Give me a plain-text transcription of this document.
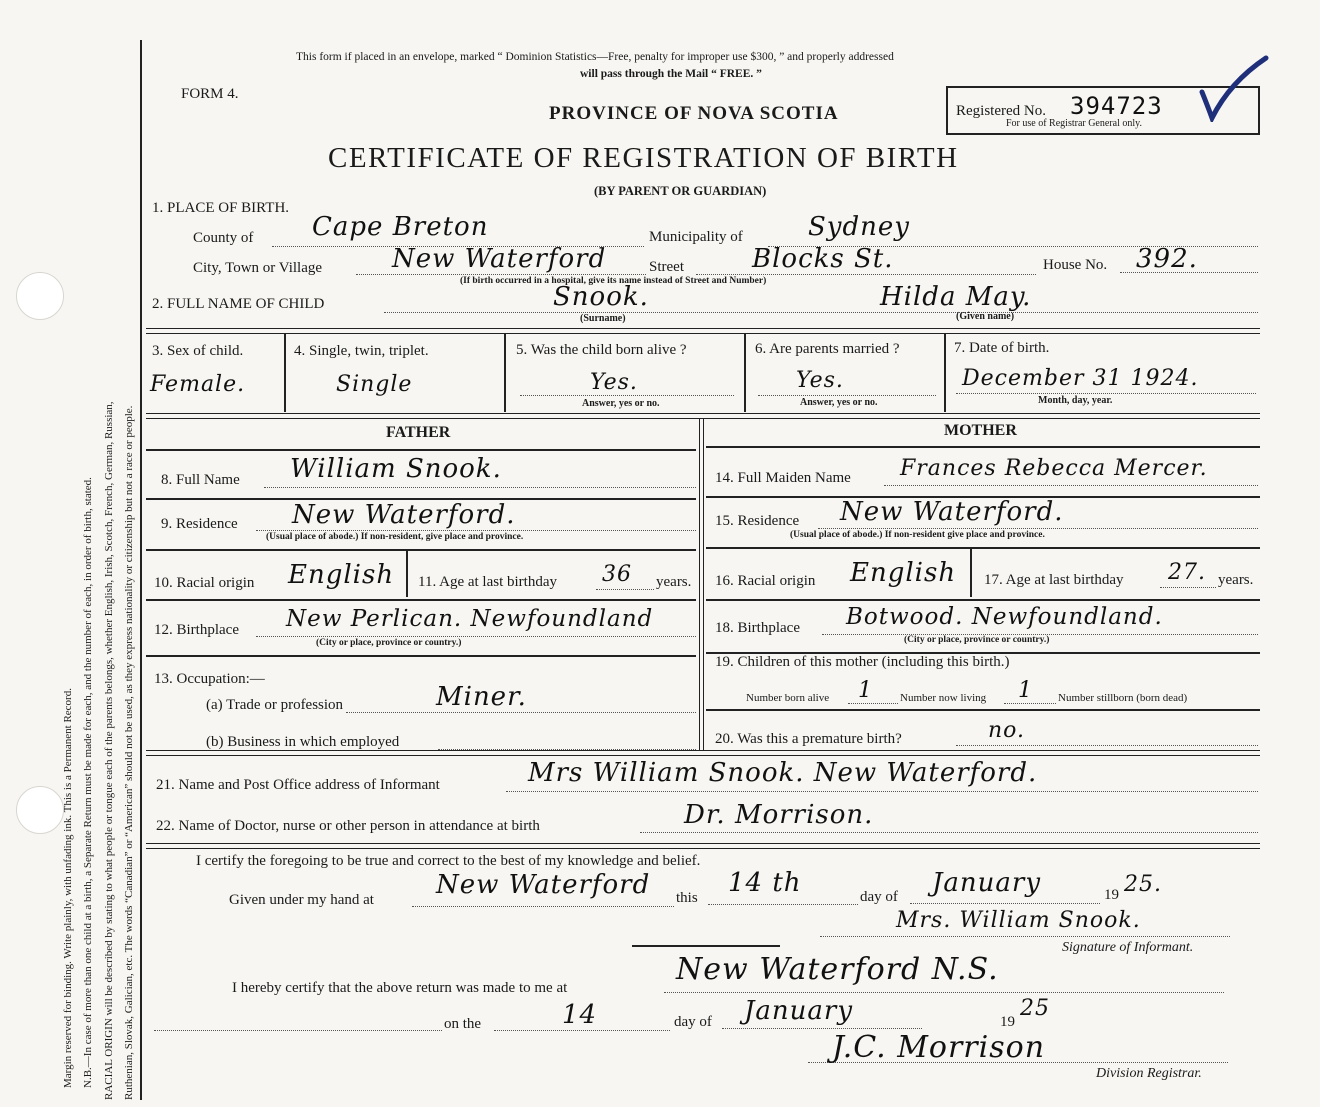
Margin reserved for binding. Write plainly, with unfading ink. This is a Permanent Record. N.B.—In case of more than one child at a birth, a Separate Return must be made for each, and the number of each, in order of birth, stated. RACIAL ORIGIN will be described by stating to what people or tongue each of the parents belongs, whether English, Irish, Scotch, French, German, Russian, Ruthenian, Slovak, Galician, etc. The words “Canadian” or “American” should not be used, as they express nationality or citizenship but not a race or people.
This form if placed in an envelope, marked “ Dominion Statistics—Free, penalty for improper use $300, ” and properly addressed
will pass through the Mail “ FREE. ”
FORM 4.
PROVINCE OF NOVA SCOTIA	Registered No. 394723
For use of Registrar General only.
CERTIFICATE OF REGISTRATION OF BIRTH
(BY PARENT OR GUARDIAN)
1. PLACE OF BIRTH.
County of Cape Breton	Municipality of	Sydney
City, Town or Village	New Waterford	Street	Blocks St.	House No. 392.
(If birth occurred in a hospital, give its name instead of Street and Number)
2. FULL NAME OF CHILD	Snook.
(Surname)
Hilda May.
(Given name)
3. Sex of child.
Female.
4. Single, twin, triplet.
Single
5. Was the child born alive ?
Yes.
Answer, yes or no.
6. Are parents married ?
Yes.
Answer, yes or no.
7. Date of birth.
December 31 1924.
Month, day, year.
FATHER	MOTHER
8. Full Name William Snook.
9. Residence New Waterford.
(Usual place of abode.) If non-resident, give place and province.
10. Racial origin English 11. Age at last birthday 36 years.
12. Birthplace New Perlican. Newfoundland
(City or place, province or country.)
13. Occupation:—
(a) Trade or profession	Miner.
(b) Business in which employed
14. Full Maiden Name Frances Rebecca Mercer.
15. Residence New Waterford.
(Usual place of abode.) If non-resident give place and province.
16. Racial origin English 17. Age at last birthday 27. years.
18. Birthplace Botwood. Newfoundland.
(City or place, province or country.)
19. Children of this mother (including this birth.)
Number born alive 1 Number now living 1 Number stillborn (born dead)
20. Was this a premature birth?	no.
21. Name and Post Office address of Informant	Mrs William Snook. New Waterford.
22. Name of Doctor, nurse or other person in attendance at birth	Dr. Morrison.
I certify the foregoing to be true and correct to the best of my knowledge and belief.
Given under my hand at New Waterford this 14 th	day of January	19 25.
Mrs. William Snook.
Signature of Informant.
I hereby certify that the above return was made to me at
New Waterford N.S.
on the	14	day of January	19
25
J.C. Morrison
Division Registrar.
